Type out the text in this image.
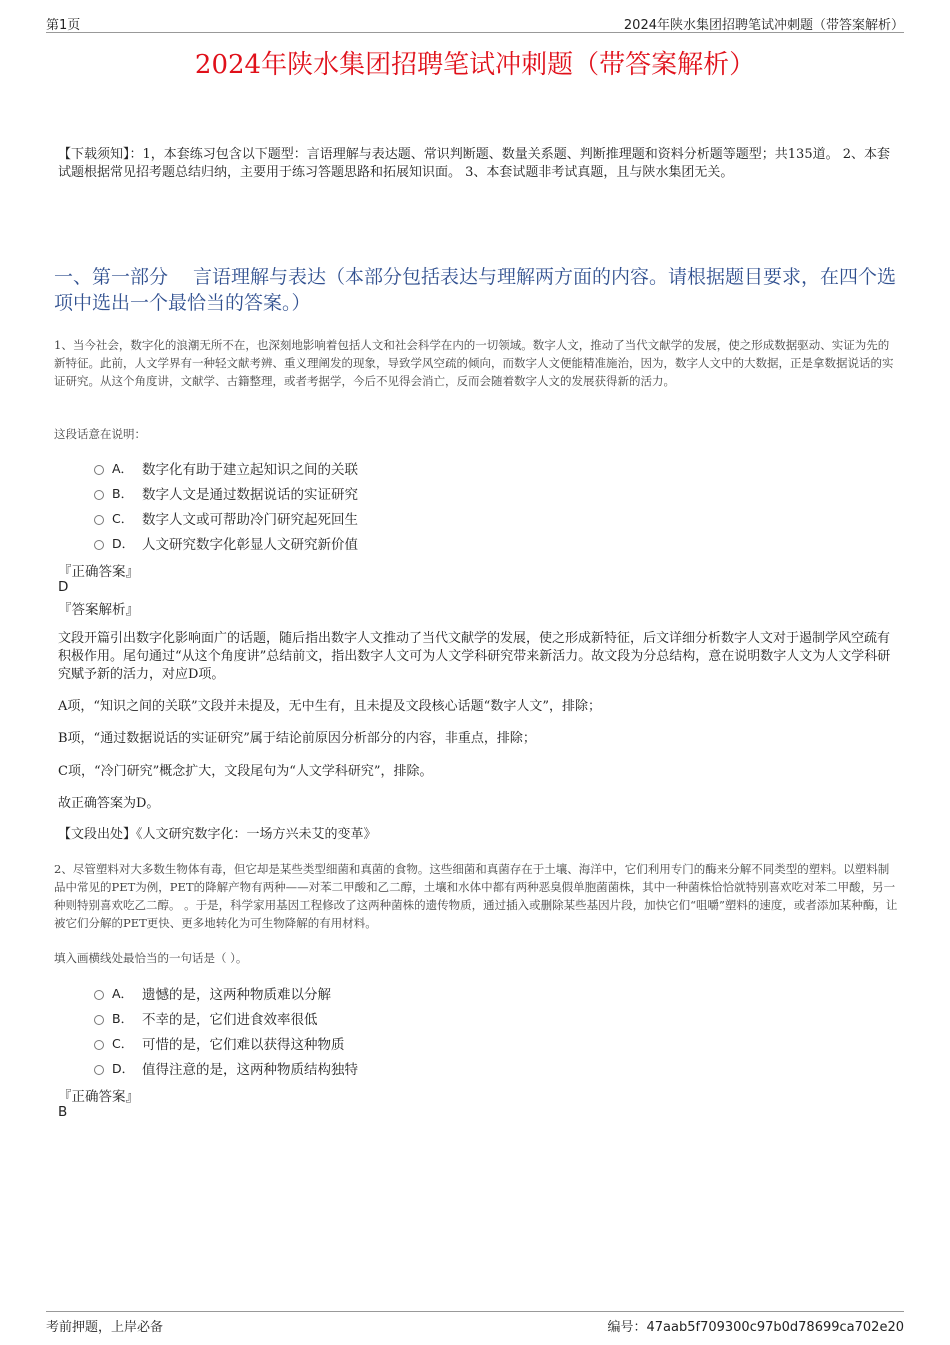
第1页	2024年陕水集团招聘笔试冲刺题（带答案解析）
2024年陕水集团招聘笔试冲刺题（带答案解析）
【下载须知】：1，本套练习包含以下题型：言语理解与表达题、常识判断题、数量关系题、判断推理题和资料分析题等题型；共135道。 2、本套试题根据常见招考题总结归纳，主要用于练习答题思路和拓展知识面。 3、本套试题非考试真题，且与陕水集团无关。
一、第一部分　 言语理解与表达（本部分包括表达与理解两方面的内容。请根据题目要求，在四个选项中选出一个最恰当的答案。）
1、当今社会，数字化的浪潮无所不在，也深刻地影响着包括人文和社会科学在内的一切领域。数字人文，推动了当代文献学的发展，使之形成数据驱动、实证为先的新特征。此前，人文学界有一种轻文献考辨、重义理阐发的现象，导致学风空疏的倾向，而数字人文便能精准施治，因为，数字人文中的大数据，正是拿数据说话的实证研究。从这个角度讲，文献学、古籍整理，或者考据学，今后不见得会消亡，反而会随着数字人文的发展获得新的活力。
这段话意在说明：
A． 数字化有助于建立起知识之间的关联
B． 数字人文是通过数据说话的实证研究
C． 数字人文或可帮助冷门研究起死回生
D． 人文研究数字化彰显人文研究新价值
『正确答案』
D
『答案解析』
文段开篇引出数字化影响面广的话题，随后指出数字人文推动了当代文献学的发展，使之形成新特征，后文详细分析数字人文对于遏制学风空疏有积极作用。尾句通过“从这个角度讲”总结前文，指出数字人文可为人文学科研究带来新活力。故文段为分总结构，意在说明数字人文为人文学科研究赋予新的活力，对应D项。
A项，“知识之间的关联”文段并未提及，无中生有，且未提及文段核心话题“数字人文”，排除；
B项，“通过数据说话的实证研究”属于结论前原因分析部分的内容，非重点，排除；
C项，“冷门研究”概念扩大，文段尾句为“人文学科研究”，排除。
故正确答案为D。
【文段出处】《人文研究数字化：一场方兴未艾的变革》
2、尽管塑料对大多数生物体有毒，但它却是某些类型细菌和真菌的食物。这些细菌和真菌存在于土壤、海洋中，它们利用专门的酶来分解不同类型的塑料。以塑料制品中常见的PET为例，PET的降解产物有两种——对苯二甲酸和乙二醇，土壤和水体中都有两种恶臭假单胞菌菌株，其中一种菌株恰恰就特别喜欢吃对苯二甲酸，另一种则特别喜欢吃乙二醇。 。于是，科学家用基因工程修改了这两种菌株的遗传物质，通过插入或删除某些基因片段，加快它们“咀嚼”塑料的速度，或者添加某种酶，让被它们分解的PET更快、更多地转化为可生物降解的有用材料。
填入画横线处最恰当的一句话是（ ）。
A． 遗憾的是，这两种物质难以分解
B． 不幸的是，它们进食效率很低
C． 可惜的是，它们难以获得这种物质
D． 值得注意的是，这两种物质结构独特
『正确答案』
B
考前押题，上岸必备	编号：47aab5f709300c97b0d78699ca702e20
